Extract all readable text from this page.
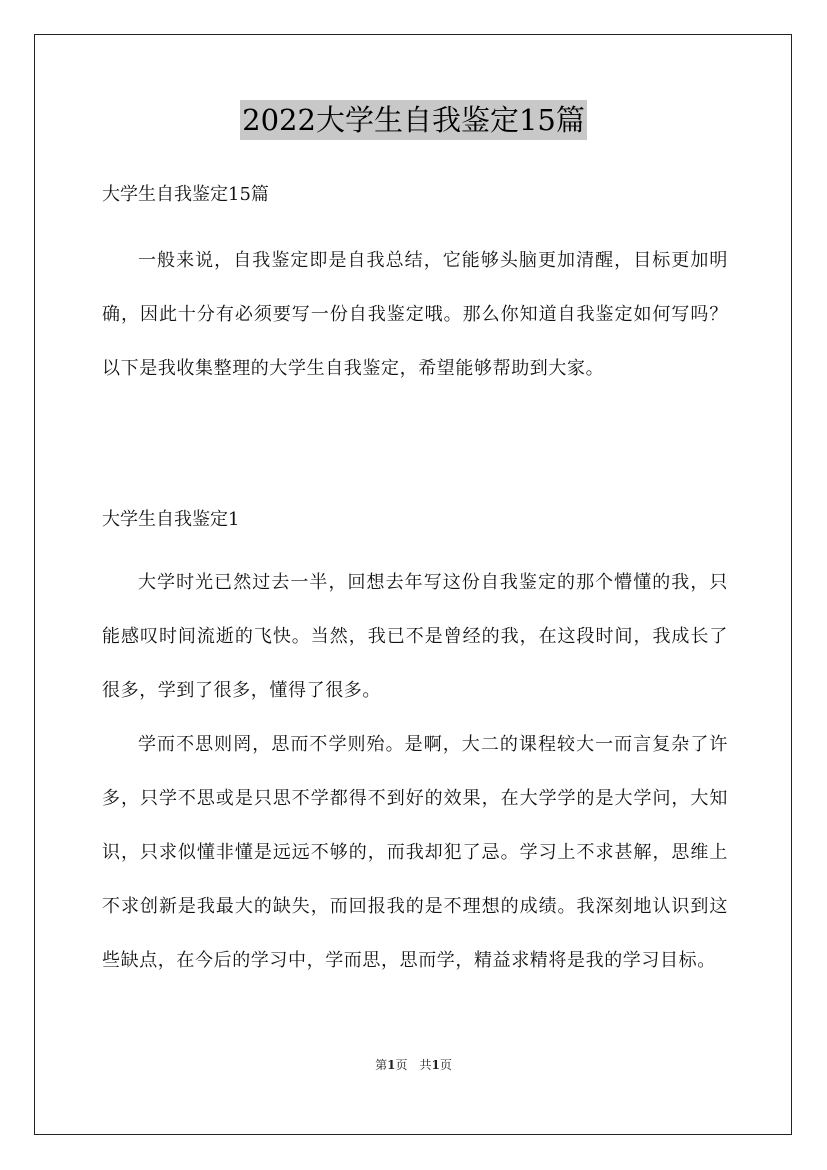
2022大学生自我鉴定15篇
大学生自我鉴定15篇

一般来说，自我鉴定即是自我总结，它能够头脑更加清醒，目标更加明确，因此十分有必须要写一份自我鉴定哦。那么你知道自我鉴定如何写吗？以下是我收集整理的大学生自我鉴定，希望能够帮助到大家。

大学生自我鉴定1

大学时光已然过去一半，回想去年写这份自我鉴定的那个懵懂的我，只能感叹时间流逝的飞快。当然，我已不是曾经的我，在这段时间，我成长了很多，学到了很多，懂得了很多。

学而不思则罔，思而不学则殆。是啊，大二的课程较大一而言复杂了许多，只学不思或是只思不学都得不到好的效果，在大学学的是大学问，大知识，只求似懂非懂是远远不够的，而我却犯了忌。学习上不求甚解，思维上不求创新是我最大的缺失，而回报我的是不理想的成绩。我深刻地认识到这些缺点，在今后的学习中，学而思，思而学，精益求精将是我的学习目标。

第1页　共1页
